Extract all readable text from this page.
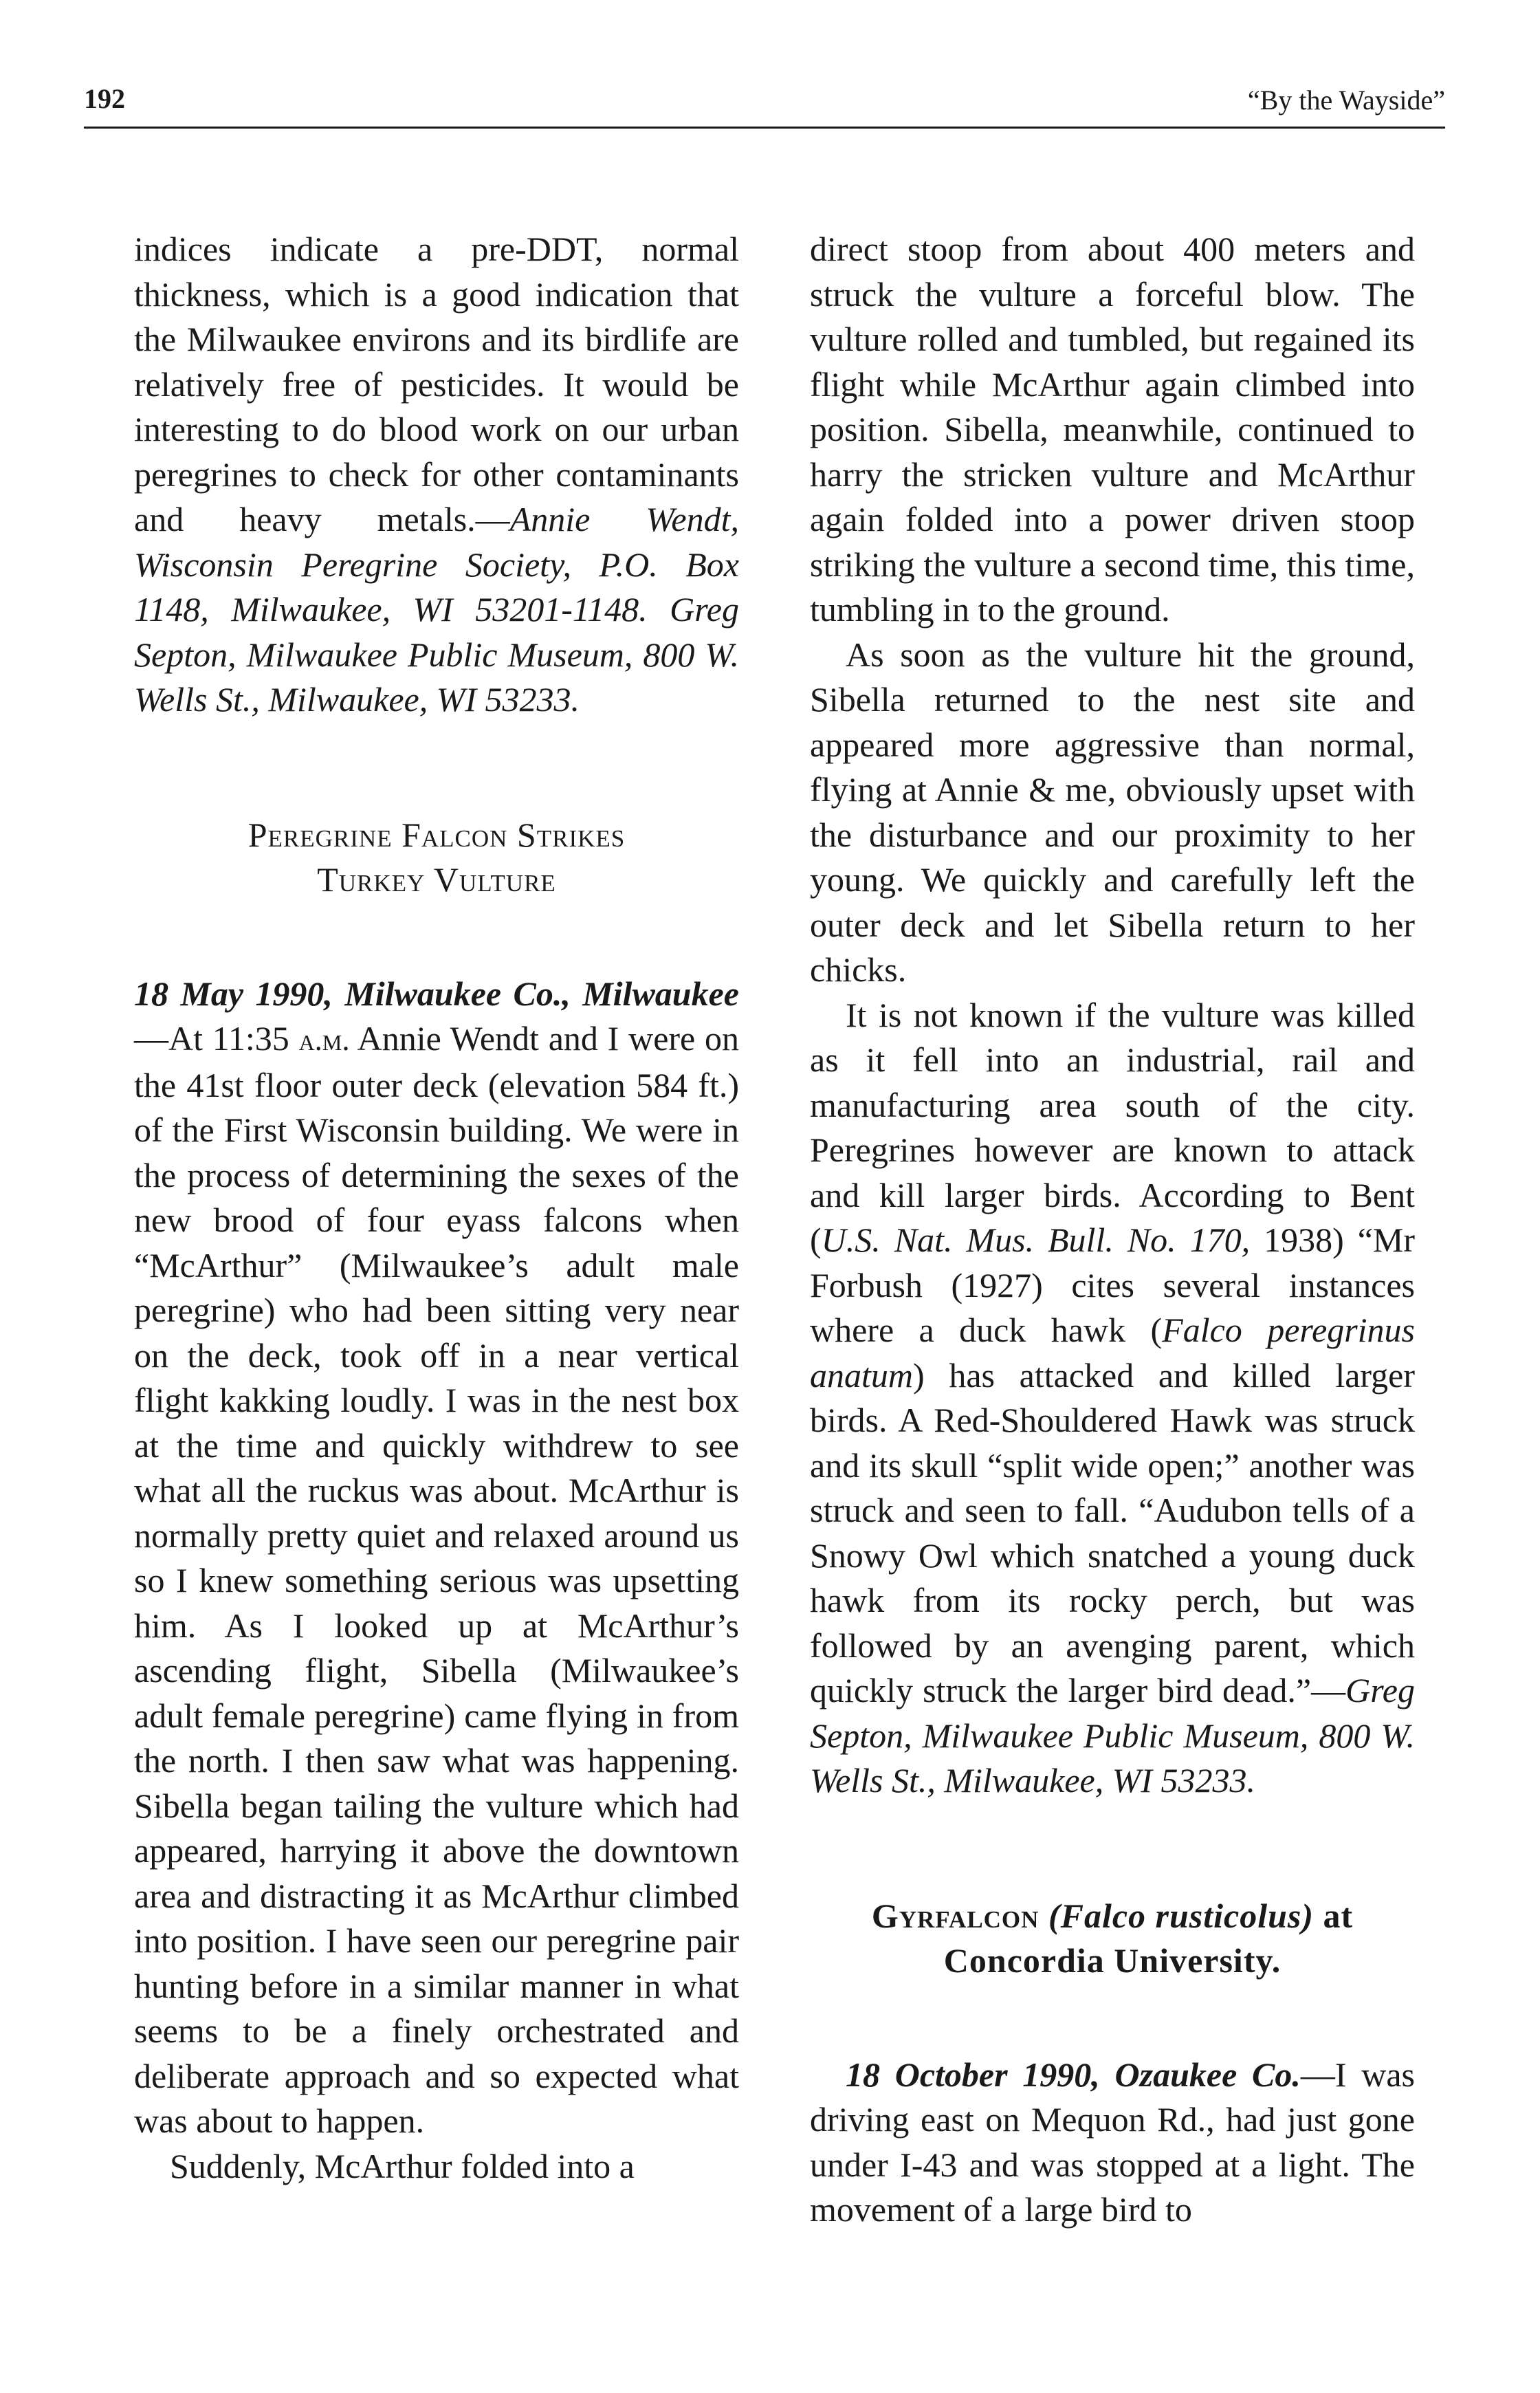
192	“By the Wayside”

indices indicate a pre-DDT, normal thickness, which is a good indication that the Milwaukee environs and its birdlife are relatively free of pesticides. It would be interesting to do blood work on our urban peregrines to check for other contaminants and heavy metals.—Annie Wendt, Wisconsin Peregrine Society, P.O. Box 1148, Milwaukee, WI 53201-1148. Greg Septon, Milwaukee Public Museum, 800 W. Wells St., Milwaukee, WI 53233.

Peregrine Falcon Strikes
Turkey Vulture

18 May 1990, Milwaukee Co., Milwaukee—At 11:35 a.m. Annie Wendt and I were on the 41st floor outer deck (elevation 584 ft.) of the First Wisconsin building. We were in the process of determining the sexes of the new brood of four eyass falcons when “McArthur” (Milwaukee’s adult male peregrine) who had been sitting very near on the deck, took off in a near vertical flight kakking loudly. I was in the nest box at the time and quickly withdrew to see what all the ruckus was about. McArthur is normally pretty quiet and relaxed around us so I knew something serious was upsetting him. As I looked up at McArthur’s ascending flight, Sibella (Milwaukee’s adult female peregrine) came flying in from the north. I then saw what was happening. Sibella began tailing the vulture which had appeared, harrying it above the downtown area and distracting it as McArthur climbed into position. I have seen our peregrine pair hunting before in a similar manner in what seems to be a finely orchestrated and deliberate approach and so expected what was about to happen.

Suddenly, McArthur folded into a

direct stoop from about 400 meters and struck the vulture a forceful blow. The vulture rolled and tumbled, but regained its flight while McArthur again climbed into position. Sibella, meanwhile, continued to harry the stricken vulture and McArthur again folded into a power driven stoop striking the vulture a second time, this time, tumbling in to the ground.

As soon as the vulture hit the ground, Sibella returned to the nest site and appeared more aggressive than normal, flying at Annie & me, obviously upset with the disturbance and our proximity to her young. We quickly and carefully left the outer deck and let Sibella return to her chicks.

It is not known if the vulture was killed as it fell into an industrial, rail and manufacturing area south of the city. Peregrines however are known to attack and kill larger birds. According to Bent (U.S. Nat. Mus. Bull. No. 170, 1938) “Mr Forbush (1927) cites several instances where a duck hawk (Falco peregrinus anatum) has attacked and killed larger birds. A Red-Shouldered Hawk was struck and its skull “split wide open;” another was struck and seen to fall. “Audubon tells of a Snowy Owl which snatched a young duck hawk from its rocky perch, but was followed by an avenging parent, which quickly struck the larger bird dead.”—Greg Septon, Milwaukee Public Museum, 800 W. Wells St., Milwaukee, WI 53233.

Gyrfalcon (Falco rusticolus) at
Concordia University.

18 October 1990, Ozaukee Co.—I was driving east on Mequon Rd., had just gone under I-43 and was stopped at a light. The movement of a large bird to
